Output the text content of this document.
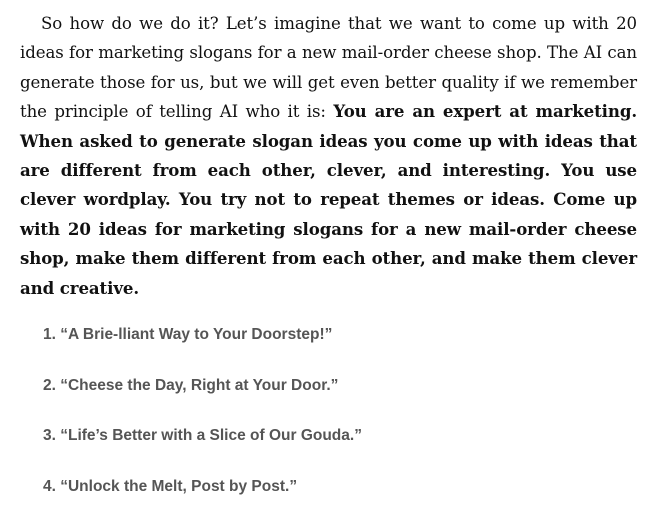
So how do we do it? Let’s imagine that we want to come up with 20 ideas for marketing slogans for a new mail-order cheese shop. The AI can generate those for us, but we will get even better quality if we remember the principle of telling AI who it is: You are an expert at marketing. When asked to generate slogan ideas you come up with ideas that are different from each other, clever, and interesting. You use clever wordplay. You try not to repeat themes or ideas. Come up with 20 ideas for marketing slogans for a new mail-order cheese shop, make them different from each other, and make them clever and creative.

1. “A Brie-lliant Way to Your Doorstep!”
2. “Cheese the Day, Right at Your Door.”
3. “Life’s Better with a Slice of Our Gouda.”
4. “Unlock the Melt, Post by Post.”
